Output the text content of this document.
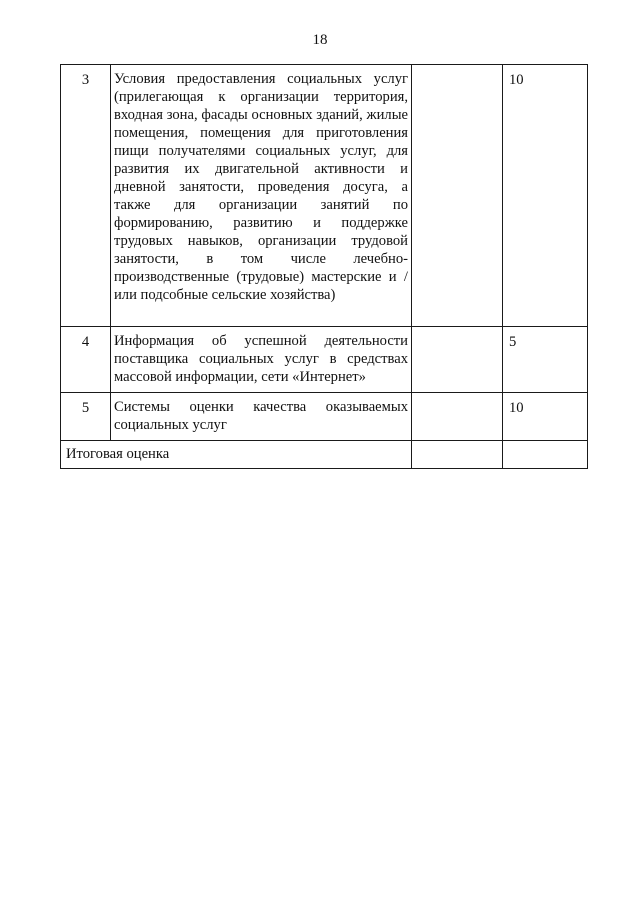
18
3	Условия предоставления социальных услуг (прилегающая к организации территория, входная зона, фасады основных зданий, жилые помещения, помещения для приготовления пищи получателями социальных услуг, для развития их двигательной активности и дневной занятости, проведения досуга, а также для организации занятий по формированию, развитию и поддержке трудовых навыков, организации трудовой занятости, в том числе лечебно-производственные (трудовые) мастерские и /или подсобные сельские хозяйства)		10
4	Информация об успешной деятельности поставщика социальных услуг в средствах массовой информации, сети «Интернет»		5
5	Системы оценки качества оказываемых социальных услуг		10
Итоговая оценка			
